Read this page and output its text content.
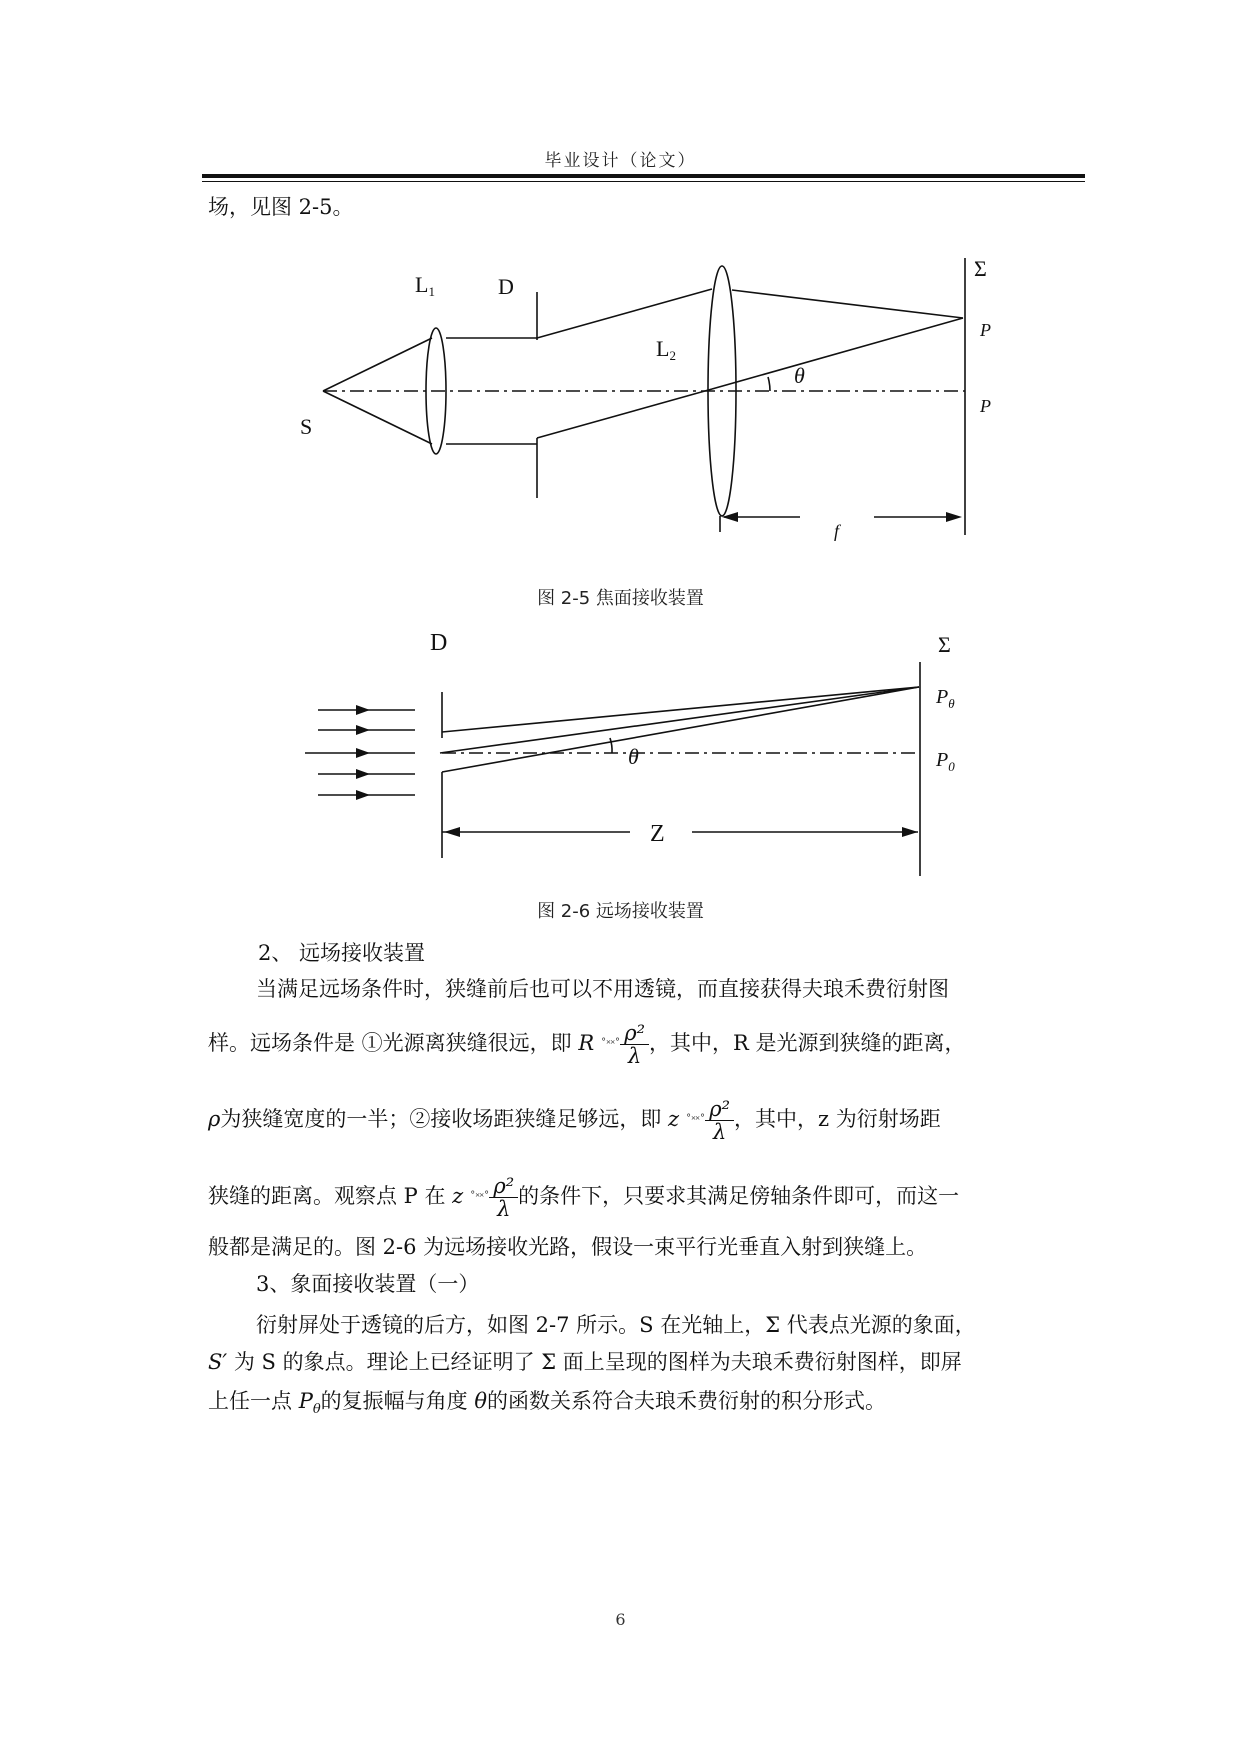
毕业设计（论文）
场，见图 2-5。
L1	D
L2
Σ
P
P
θ
S
f
图 2-5 焦面接收装置
D	Σ
$P_\theta$
$P_0$
θ
Z
图 2-6 远场接收装置
2、 远场接收装置
当满足远场条件时，狭缝前后也可以不用透镜，而直接获得夫琅禾费衍射图
样。远场条件是 ①光源离狭缝很远，即 R ˚˟˟˚ $\frac{\text{ρ²}}{\lambda}$ ，其中，R 是光源到狭缝的距离，
ρ为狭缝宽度的一半；②接收场距狭缝足够远，即 z ˚˟˟˚ $\frac{\text{ρ²}}{\lambda}$ ，其中，z 为衍射场距
狭缝的距离。观察点 P 在 z ˚˟˟˚ $\frac{\text{ρ²}}{\lambda}$ 的条件下，只要求其满足傍轴条件即可，而这一
般都是满足的。图 2-6 为远场接收光路，假设一束平行光垂直入射到狭缝上。
3、象面接收装置（一）
衍射屏处于透镜的后方，如图 2-7 所示。S 在光轴上，Σ 代表点光源的象面，
S′ 为 S 的象点。理论上已经证明了 Σ 面上呈现的图样为夫琅禾费衍射图样，即屏
上任一点 $P_\theta$的复振幅与角度 θ的函数关系符合夫琅禾费衍射的积分形式。
6
